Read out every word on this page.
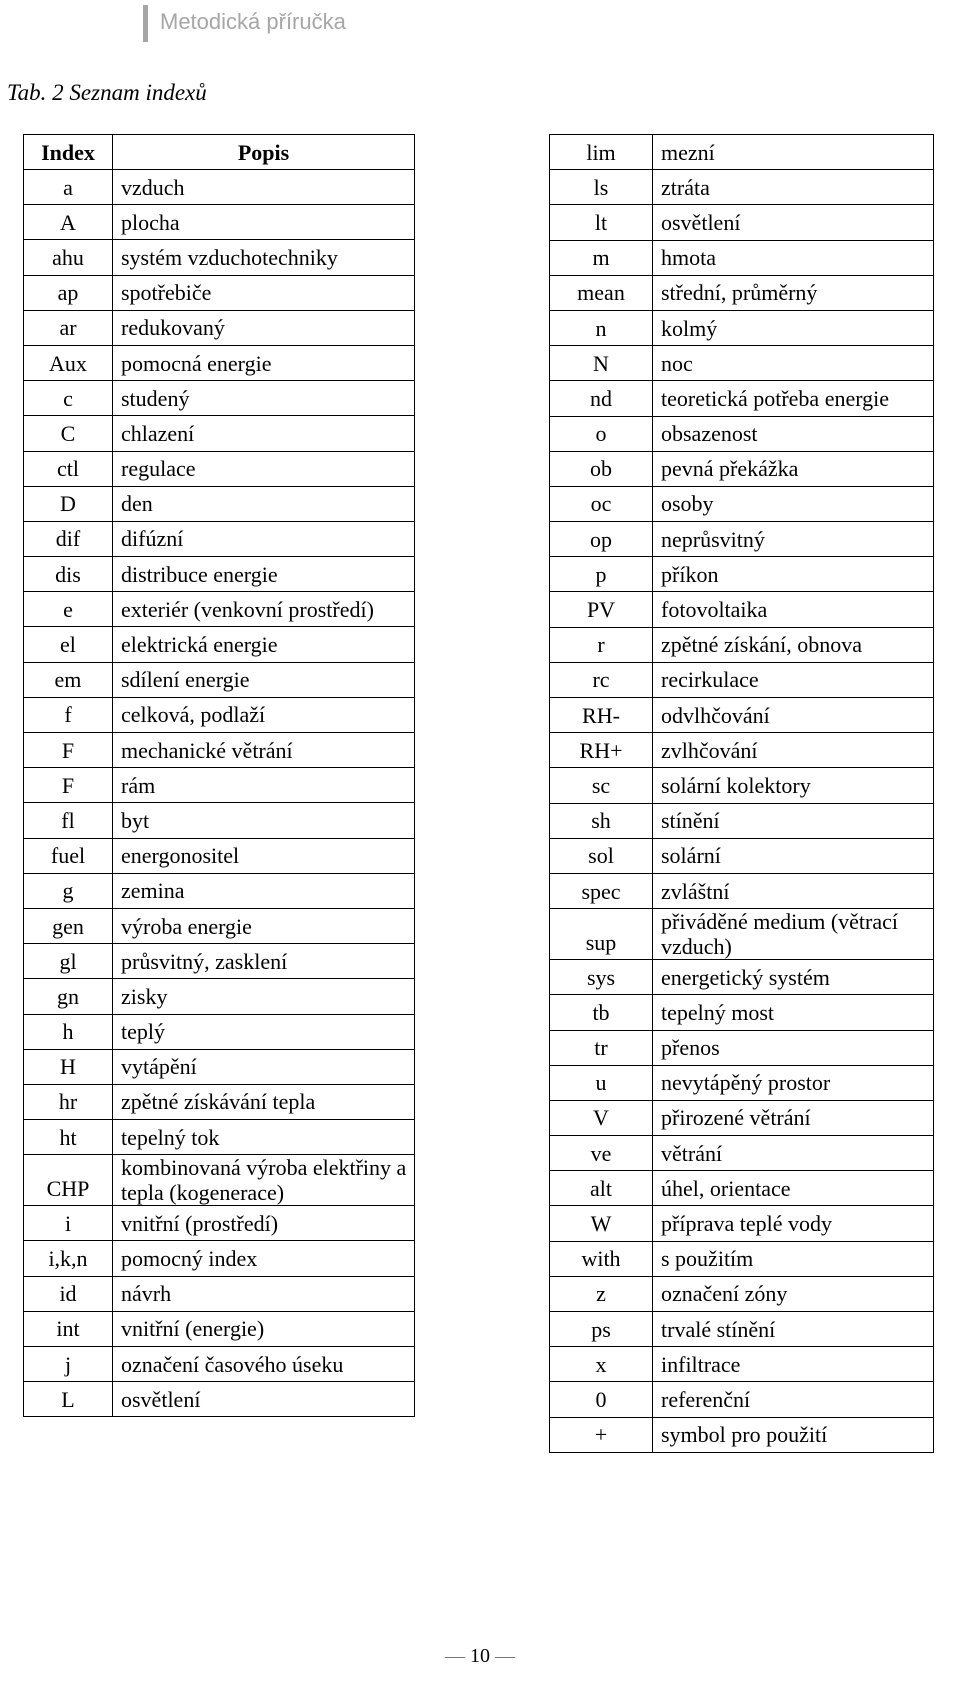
Metodická příručka
Tab. 2 Seznam indexů
Index	Popis
a	vzduch
A	plocha
ahu	systém vzduchotechniky
ap	spotřebiče
ar	redukovaný
Aux	pomocná energie
c	studený
C	chlazení
ctl	regulace
D	den
dif	difúzní
dis	distribuce energie
e	exteriér (venkovní prostředí)
el	elektrická energie
em	sdílení energie
f	celková, podlaží
F	mechanické větrání
F	rám
fl	byt
fuel	energonositel
g	zemina
gen	výroba energie
gl	průsvitný, zasklení
gn	zisky
h	teplý
H	vytápění
hr	zpětné získávání tepla
ht	tepelný tok
CHP	kombinovaná výroba elektřiny a tepla (kogenerace)
i	vnitřní (prostředí)
i,k,n	pomocný index
id	návrh
int	vnitřní (energie)
j	označení časového úseku
L	osvětlení
lim	mezní
ls	ztráta
lt	osvětlení
m	hmota
mean	střední, průměrný
n	kolmý
N	noc
nd	teoretická potřeba energie
o	obsazenost
ob	pevná překážka
oc	osoby
op	neprůsvitný
p	příkon
PV	fotovoltaika
r	zpětné získání, obnova
rc	recirkulace
RH-	odvlhčování
RH+	zvlhčování
sc	solární kolektory
sh	stínění
sol	solární
spec	zvláštní
sup	přiváděné medium (větrací vzduch)
sys	energetický systém
tb	tepelný most
tr	přenos
u	nevytápěný prostor
V	přirozené větrání
ve	větrání
alt	úhel, orientace
W	příprava teplé vody
with	s použitím
z	označení zóny
ps	trvalé stínění
x	infiltrace
0	referenční
+	symbol pro použití
— 10 —
